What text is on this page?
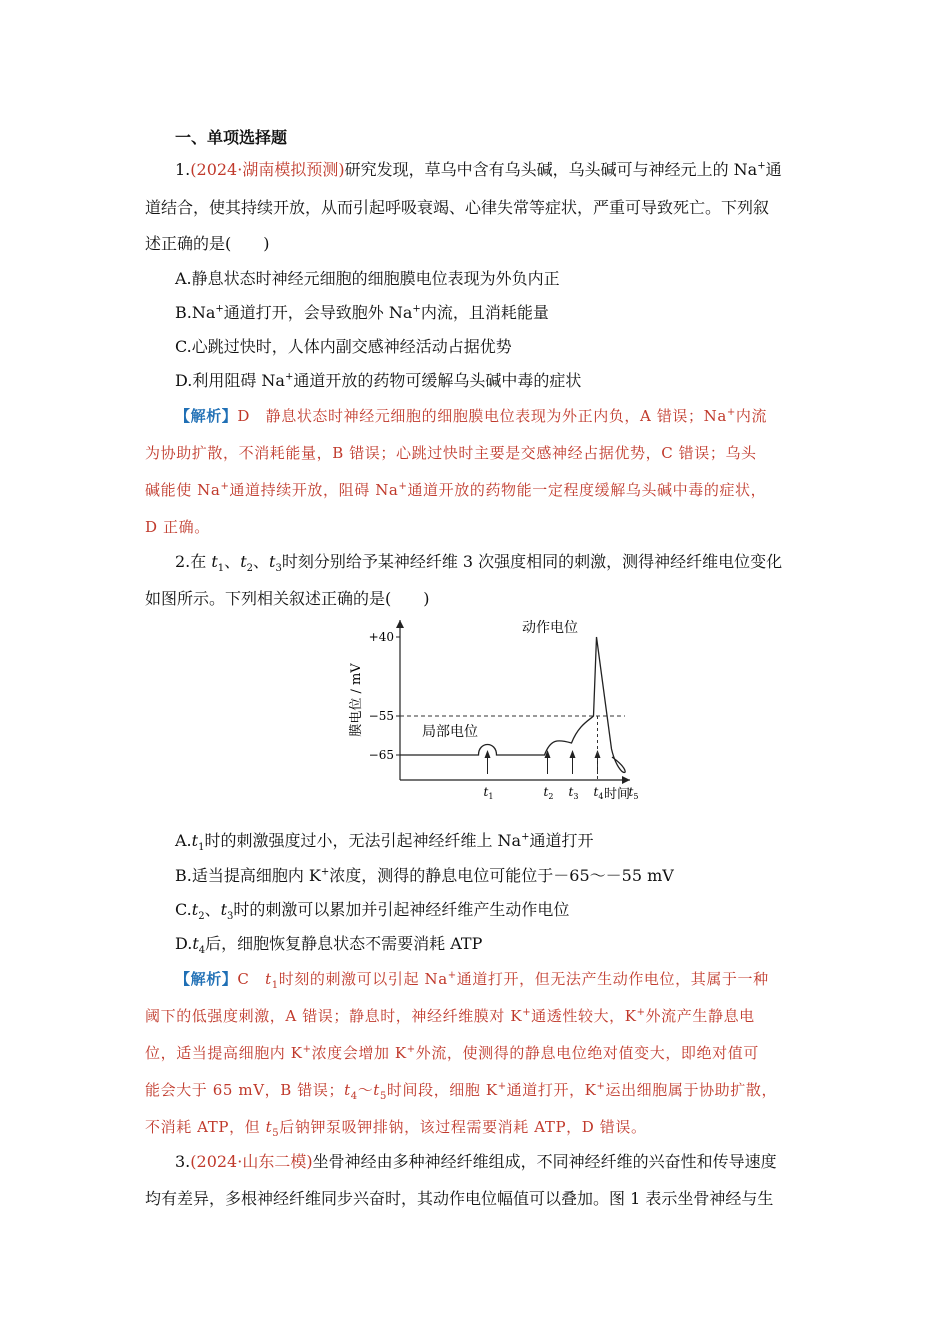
一、单项选择题
1.(2024·湖南模拟预测)研究发现，草乌中含有乌头碱，乌头碱可与神经元上的 Na+通
道结合，使其持续开放，从而引起呼吸衰竭、心律失常等症状，严重可导致死亡。下列叙
述正确的是(　　)
A.静息状态时神经元细胞的细胞膜电位表现为外负内正
B.Na+通道打开，会导致胞外 Na+内流，且消耗能量
C.心跳过快时，人体内副交感神经活动占据优势
D.利用阻碍 Na+通道开放的药物可缓解乌头碱中毒的症状
【解析】D　静息状态时神经元细胞的细胞膜电位表现为外正内负，A 错误；Na+内流
为协助扩散，不消耗能量，B 错误；心跳过快时主要是交感神经占据优势，C 错误；乌头
碱能使 Na+通道持续开放，阻碍 Na+通道开放的药物能一定程度缓解乌头碱中毒的症状，
D 正确。
2.在 $t_1$、$t_2$、$t_3$时刻分别给予某神经纤维 3 次强度相同的刺激，测得神经纤维电位变化
如图所示。下列相关叙述正确的是(　　)
膜电位 / mV
时间
+40
−55
−65
$t_1$	$t_2$ $t_3$ $t_4$ $t_5$
动作电位
局部电位
$A.t_1$时的刺激强度过小，无法引起神经纤维上 Na+通道打开
B.适当提高细胞内 K+浓度，测得的静息电位可能位于－65～－55 mV
$C.t_2$、$t_3$时的刺激可以累加并引起神经纤维产生动作电位
$D.t_4$后，细胞恢复静息状态不需要消耗 ATP
【解析】C　$t_1$时刻的刺激可以引起 Na+通道打开，但无法产生动作电位，其属于一种
阈下的低强度刺激，A 错误；静息时，神经纤维膜对 K+通透性较大，K+外流产生静息电
位，适当提高细胞内 K+浓度会增加 K+外流，使测得的静息电位绝对值变大，即绝对值可
能会大于 65 mV，B 错误；$t_4\sim t_5$时间段，细胞 K+通道打开，K+运出细胞属于协助扩散，
不消耗 ATP，但 $t_5$后钠钾泵吸钾排钠，该过程需要消耗 ATP，D 错误。
3.(2024·山东二模)坐骨神经由多种神经纤维组成，不同神经纤维的兴奋性和传导速度
均有差异，多根神经纤维同步兴奋时，其动作电位幅值可以叠加。图 1 表示坐骨神经与生
